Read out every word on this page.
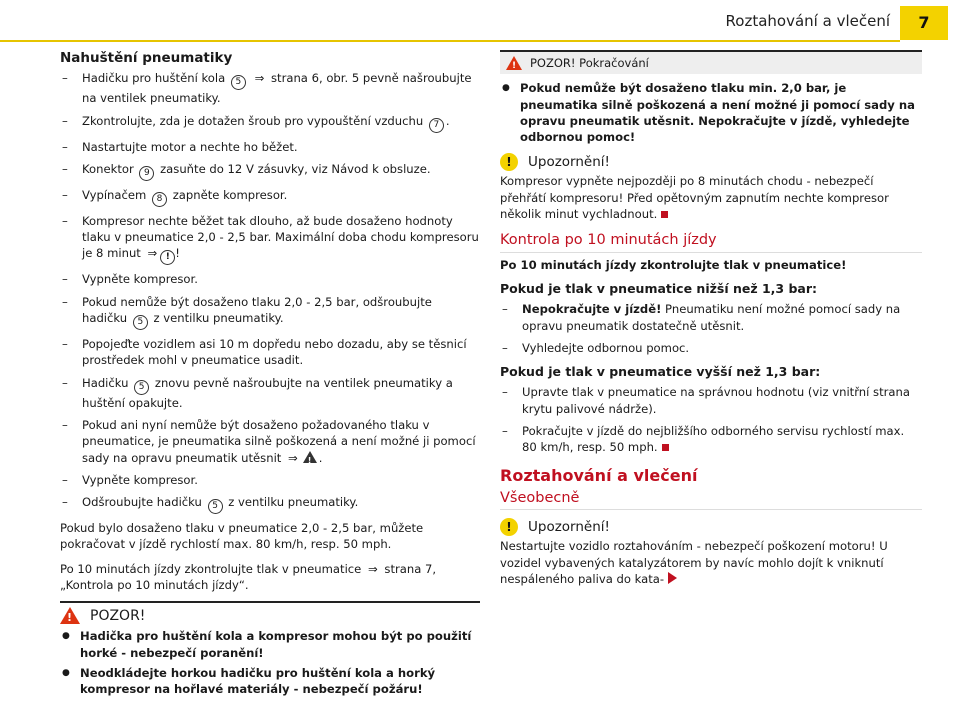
Roztahování a vlečení	7
Nahuštění pneumatiky
– Hadičku pro huštění kola 5 ⇒ strana 6, obr. 5 pevně našroubujte na ventilek pneumatiky.
– Zkontrolujte, zda je dotažen šroub pro vypouštění vzduchu 7 .
– Nastartujte motor a nechte ho běžet.
– Konektor 9 zasuňte do 12 V zásuvky, viz Návod k obsluze.
– Vypínačem 8 zapněte kompresor.
– Kompresor nechte běžet tak dlouho, až bude dosaženo hodnoty tlaku v pneumatice 2,0 - 2,5 bar. Maximální doba chodu kompresoru je 8 minut ⇒ ! !
– Vypněte kompresor.
– Pokud nemůže být dosaženo tlaku 2,0 - 2,5 bar, odšroubujte hadičku 5 z ventilku pneumatiky.
– Popojeďte vozidlem asi 10 m dopředu nebo dozadu, aby se těsnicí prostředek mohl v pneumatice usadit.
– Hadičku 5 znovu pevně našroubujte na ventilek pneumatiky a huštění opakujte.
– Pokud ani nyní nemůže být dosaženo požadovaného tlaku v pneumatice, je pneumatika silně poškozená a není možné ji pomocí sady na opravu pneumatik utěsnit ⇒! .
– Vypněte kompresor.
– Odšroubujte hadičku 5 z ventilku pneumatiky.

Pokud bylo dosaženo tlaku v pneumatice 2,0 - 2,5 bar, můžete pokračovat v jízdě rychlostí max. 80 km/h, resp. 50 mph.

Po 10 minutách jízdy zkontrolujte tlak v pneumatice ⇒ strana 7, „Kontrola po 10 minutách jízdy“.

!
POZOR!
● Hadička pro huštění kola a kompresor mohou být po použití horké - nebezpečí poranění!
● Neodkládejte horkou hadičku pro huštění kola a horký kompresor na hořlavé materiály - nebezpečí požáru!
!
POZOR! Pokračování
● Pokud nemůže být dosaženo tlaku min. 2,0 bar, je pneumatika silně poškozená a není možné ji pomocí sady na opravu pneumatik utěsnit. Nepokračujte v jízdě, vyhledejte odbornou pomoc!
!	Upozornění!

Kompresor vypněte nejpozději po 8 minutách chodu - nebezpečí přehřátí kompresoru! Před opětovným zapnutím nechte kompresor několik minut vychladnout.

Kontrola po 10 minutách jízdy

Po 10 minutách jízdy zkontrolujte tlak v pneumatice!

Pokud je tlak v pneumatice nižší než 1,3 bar:
– Nepokračujte v jízdě! Pneumatiku není možné pomocí sady na opravu pneumatik dostatečně utěsnit.
– Vyhledejte odbornou pomoc.
Pokud je tlak v pneumatice vyšší než 1,3 bar:
– Upravte tlak v pneumatice na správnou hodnotu (viz vnitřní strana krytu palivové nádrže).
– Pokračujte v jízdě do nejbližšího odborného servisu rychlostí max. 80 km/h, resp. 50 mph.
Roztahování a vlečení
Všeobecně
!	Upozornění!

Nestartujte vozidlo roztahováním - nebezpečí poškození motoru! U vozidel vybavených katalyzátorem by navíc mohlo dojít k vniknutí nespáleného paliva do kata-
